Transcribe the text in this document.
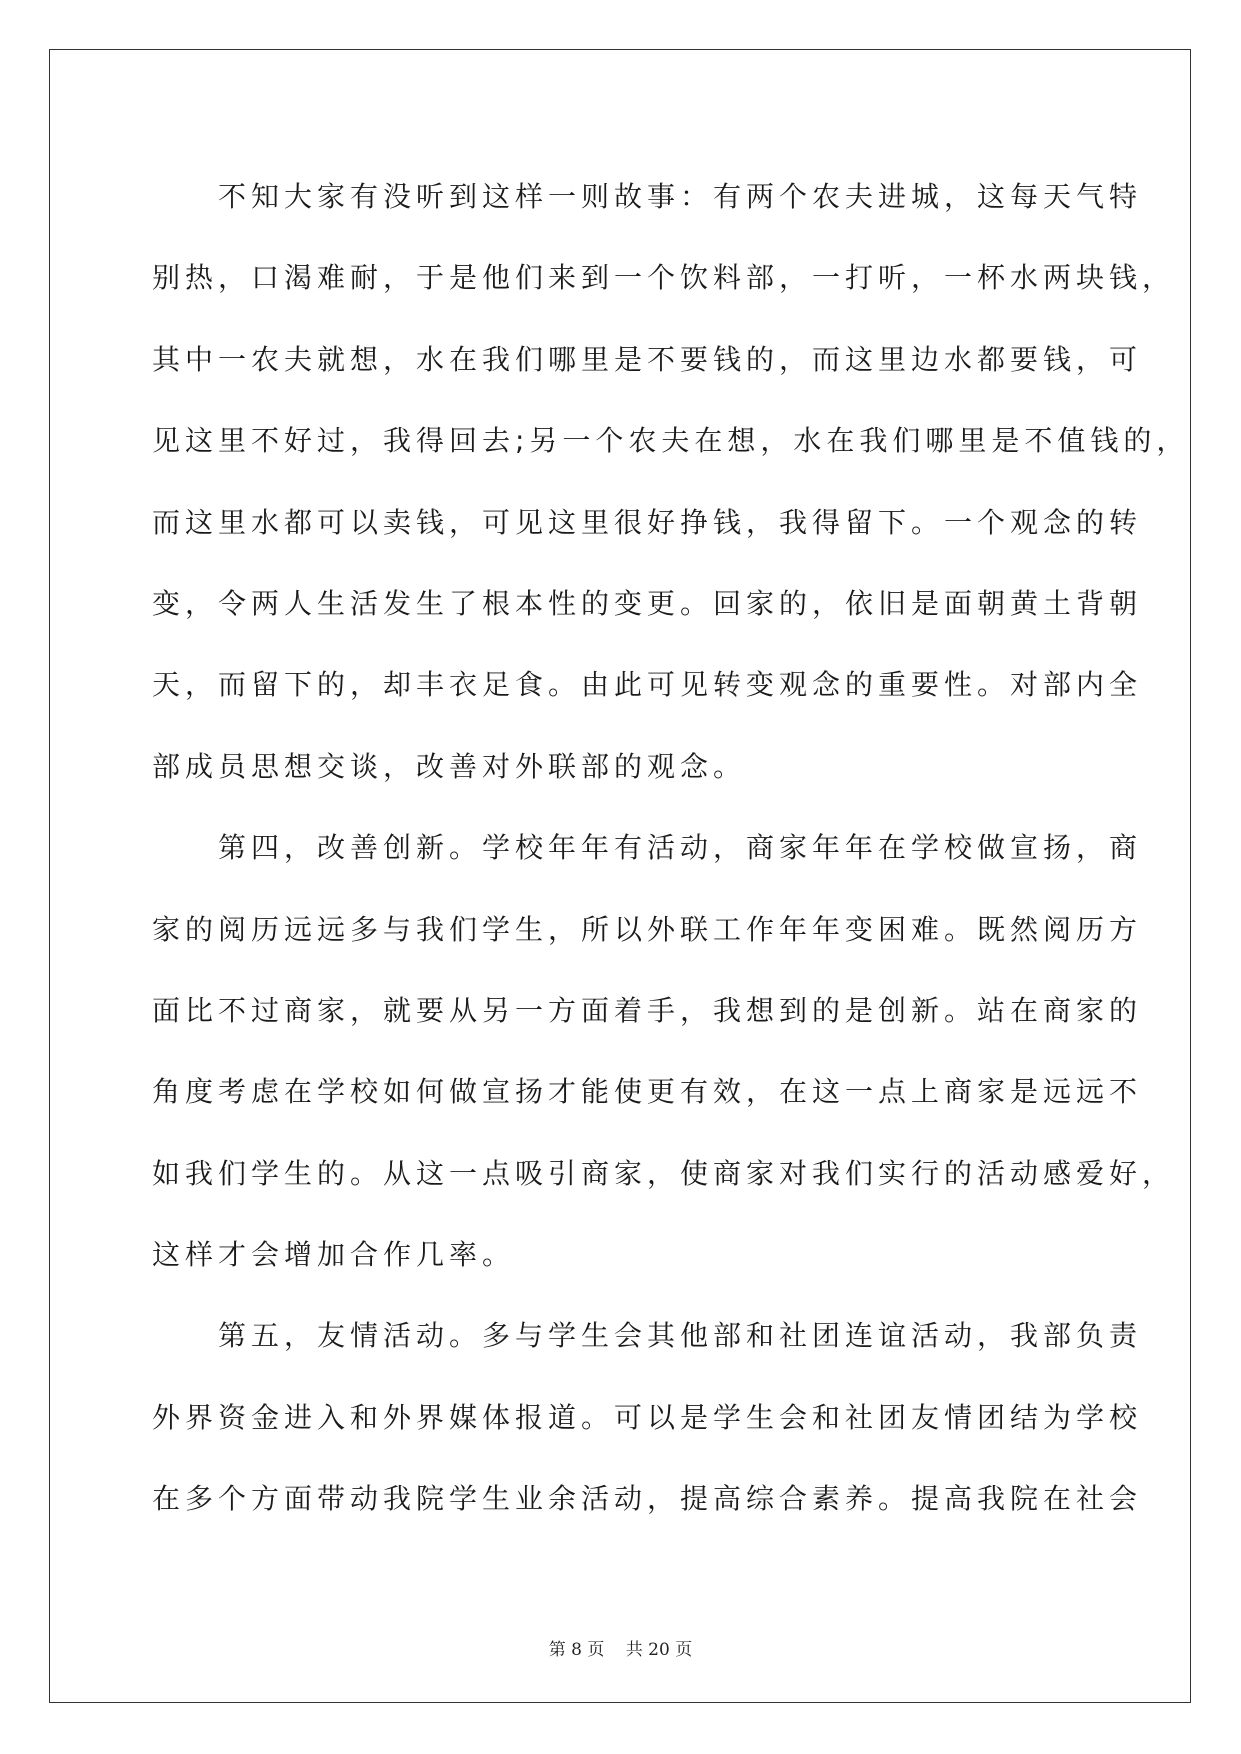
　　不知大家有没听到这样一则故事：有两个农夫进城，这每天气特
别热，口渴难耐，于是他们来到一个饮料部，一打听，一杯水两块钱，
其中一农夫就想，水在我们哪里是不要钱的，而这里边水都要钱，可
见这里不好过，我得回去;另一个农夫在想，水在我们哪里是不值钱的，
而这里水都可以卖钱，可见这里很好挣钱，我得留下。一个观念的转
变，令两人生活发生了根本性的变更。回家的，依旧是面朝黄土背朝
天，而留下的，却丰衣足食。由此可见转变观念的重要性。对部内全
部成员思想交谈，改善对外联部的观念。
　　第四，改善创新。学校年年有活动，商家年年在学校做宣扬，商
家的阅历远远多与我们学生，所以外联工作年年变困难。既然阅历方
面比不过商家，就要从另一方面着手，我想到的是创新。站在商家的
角度考虑在学校如何做宣扬才能使更有效，在这一点上商家是远远不
如我们学生的。从这一点吸引商家，使商家对我们实行的活动感爱好，
这样才会增加合作几率。
　　第五，友情活动。多与学生会其他部和社团连谊活动，我部负责
外界资金进入和外界媒体报道。可以是学生会和社团友情团结为学校
在多个方面带动我院学生业余活动，提高综合素养。提高我院在社会
第 8 页 共 20 页
